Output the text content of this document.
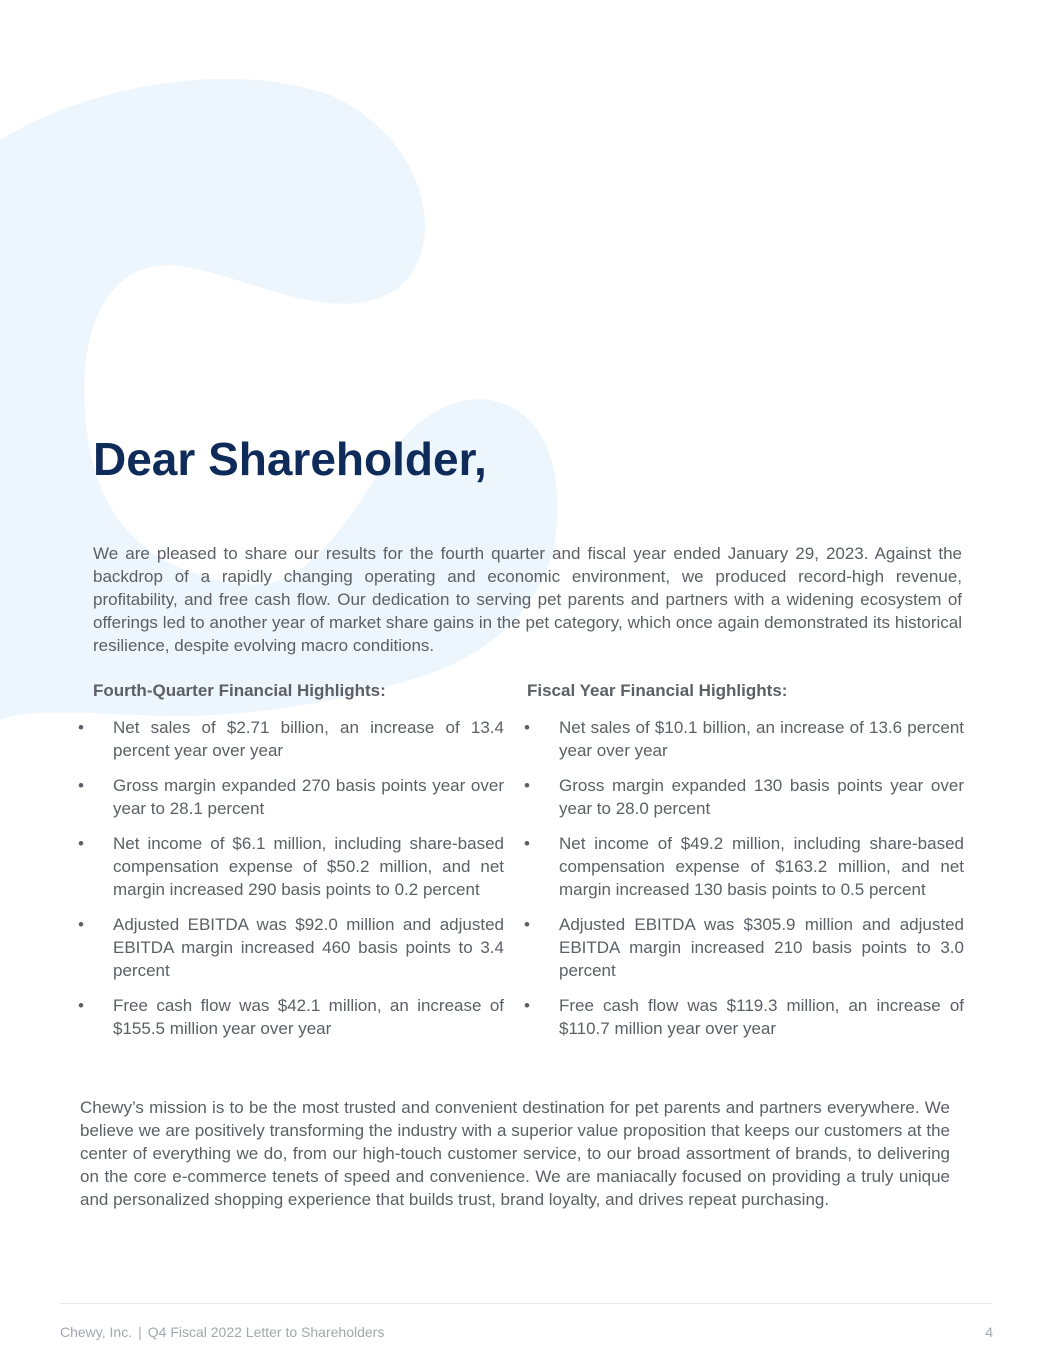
Dear Shareholder,

We are pleased to share our results for the fourth quarter and fiscal year ended January 29, 2023. Against the backdrop of a rapidly changing operating and economic environment, we produced record-high revenue, profitability, and free cash flow. Our dedication to serving pet parents and partners with a widening ecosystem of offerings led to another year of market share gains in the pet category, which once again demonstrated its historical resilience, despite evolving macro conditions.

Fourth-Quarter Financial Highlights:
•	Net sales of $2.71 billion, an increase of 13.4 percent year over year
•	Gross margin expanded 270 basis points year over year to 28.1 percent
•	Net income of $6.1 million, including share-based compensation expense of $50.2 million, and net margin increased 290 basis points to 0.2 percent
•	Adjusted EBITDA was $92.0 million and adjusted EBITDA margin increased 460 basis points to 3.4 percent
•	Free cash flow was $42.1 million, an increase of $155.5 million year over year
Fiscal Year Financial Highlights:
•	Net sales of $10.1 billion, an increase of 13.6 percent year over year
•	Gross margin expanded 130 basis points year over year to 28.0 percent
•	Net income of $49.2 million, including share-based compensation expense of $163.2 million, and net margin increased 130 basis points to 0.5 percent
•	Adjusted EBITDA was $305.9 million and adjusted EBITDA margin increased 210 basis points to 3.0 percent
•	Free cash flow was $119.3 million, an increase of $110.7 million year over year

Chewy’s mission is to be the most trusted and convenient destination for pet parents and partners everywhere. We believe we are positively transforming the industry with a superior value proposition that keeps our customers at the center of everything we do, from our high-touch customer service, to our broad assortment of brands, to delivering on the core e-commerce tenets of speed and convenience. We are maniacally focused on providing a truly unique and personalized shopping experience that builds trust, brand loyalty, and drives repeat purchasing.

Chewy, Inc. | Q4 Fiscal 2022 Letter to Shareholders	4
